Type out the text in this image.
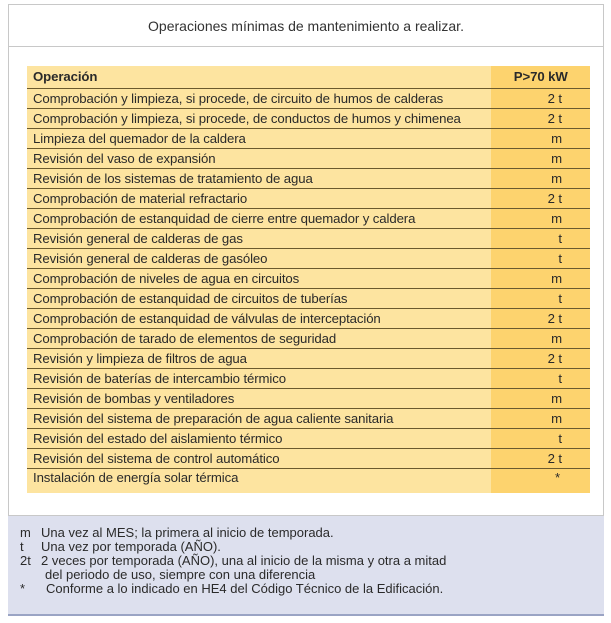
Operaciones mínimas de mantenimiento a realizar.
Operación	P>70 kW
Comprobación y limpieza, si procede, de circuito de humos de calderas	2 t
Comprobación y limpieza, si procede, de conductos de humos y chimenea	2 t
Limpieza del quemador de la caldera	m
Revisión del vaso de expansión	m
Revisión de los sistemas de tratamiento de agua	m
Comprobación de material refractario	2 t
Comprobación de estanquidad de cierre entre quemador y caldera	m
Revisión general de calderas de gas	t
Revisión general de calderas de gasóleo	t
Comprobación de niveles de agua en circuitos	m
Comprobación de estanquidad de circuitos de tuberías	t
Comprobación de estanquidad de válvulas de interceptación	2 t
Comprobación de tarado de elementos de seguridad	m
Revisión y limpieza de filtros de agua	2 t
Revisión de baterías de intercambio térmico	t
Revisión de bombas y ventiladores	m
Revisión del sistema de preparación de agua caliente sanitaria	m
Revisión del estado del aislamiento térmico	t
Revisión del sistema de control automático	2 t
Instalación de energía solar térmica	*
m Una vez al MES; la primera al inicio de temporada.
t	Una vez por temporada (AÑO).
2t 2 veces por temporada (AÑO), una al inicio de la misma y otra a mitad
del periodo de uso, siempre con una diferencia
*	Conforme a lo indicado en HE4 del Código Técnico de la Edificación.
